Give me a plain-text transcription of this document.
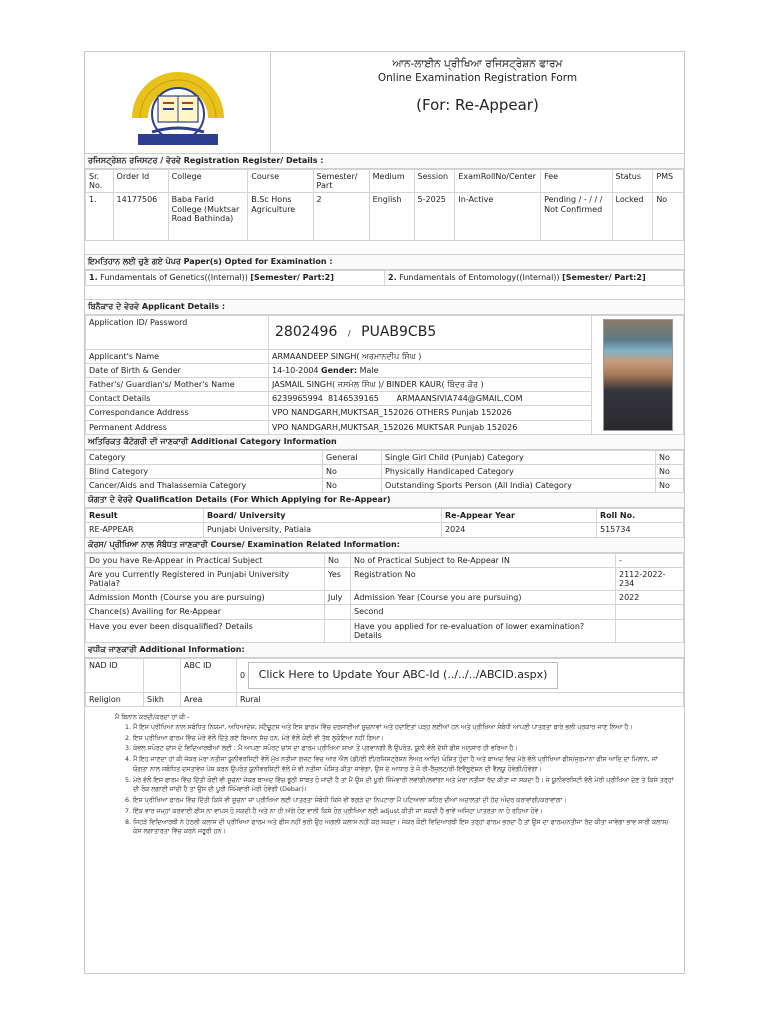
ਆਨ-ਲਾਈਨ ਪ੍ਰੀਖਿਆ ਰਜਿਸਟ੍ਰੇਸ਼ਨ ਫਾਰਮ
Online Examination Registration Form
(For: Re-Appear)
ਰਜਿਸਟ੍ਰੇਸ਼ਨ ਰਜਿਸਟਰ / ਵੇਰਵੇ Registration Register/ Details :
Sr. No.	Order Id	College	Course	Semester/ Part	Medium	Session	ExamRollNo/Center	Fee	Status	PMS
1.	14177506	Baba Farid College (Muktsar Road Bathinda)	B.Sc Hons Agriculture	2	English	5-2025	In-Active	Pending / - / / / Not Confirmed	Locked	No
ਇਮਤਿਹਾਨ ਲਈ ਚੁਣੇ ਗਏ ਪੇਪਰ Paper(s) Opted for Examination :
1. Fundamentals of Genetics((Internal)) [Semester/ Part:2]	2. Fundamentals of Entomology((Internal)) [Semester/ Part:2]
ਬਿਨੈਕਾਰ ਦੇ ਵੇਰਵੇ Applicant Details :
Application ID/ Password	2802496 / PUAB9CB5	

Applicant's Name	ARMAANDEEP SINGH( ਅਰਮਾਨਦੀਪ ਸਿੰਘ )	
Date of Birth & Gender	14-10-2004 Gender: Male	
Father's/ Guardian's/ Mother's Name	JASMAIL SINGH( ਜਸਮੇਲ ਸਿੰਘ )/ BINDER KAUR( ਬਿੰਦਰ ਕੌਰ )	
Contact Details	6239965994  8146539165       ARMAANSIVIA744@GMAIL.COM	
Correspondance Address	VPO NANDGARH,MUKTSAR_152026 OTHERS Punjab 152026	
Permanent Address	VPO NANDGARH,MUKTSAR_152026 MUKTSAR Punjab 152026	
ਅਤਿਰਿਕਤ ਕੈਟੇਗਰੀ ਦੀ ਜਾਣਕਾਰੀ Additional Category Information
Category	General	Single Girl Child (Punjab) Category	No
Blind Category	No	Physically Handicaped Category	No
Cancer/Aids and Thalassemia Category	No	Outstanding Sports Person (All India) Category	No
ਯੋਗਤਾ ਦੇ ਵੇਰਵੇ Qualification Details (For Which Applying for Re-Appear)
Result	Board/ University	Re-Appear Year	Roll No.
RE-APPEAR	Punjabi University, Patiala	2024	515734
ਕੋਰਸ/ ਪ੍ਰੀਖਿਆ ਨਾਲ ਸੰਬੰਧਤ ਜਾਣਕਾਰੀ Course/ Examination Related Information:
Do you have Re-Appear in Practical Subject	No	No of Practical Subject to Re-Appear IN	-
Are you Currently Registered in Punjabi University Patiala?	Yes	Registration No	2112-2022-234
Admission Month (Course you are pursuing)	July	Admission Year (Course you are pursuing)	2022
Chance(s) Availing for Re-Appear		Second	
Have you ever been disqualified? Details		Have you applied for re-evaluation of lower examination? Details	
ਵਧੀਕ ਜਾਣਕਾਰੀ Additional Information:
NAD ID		ABC ID	0 Click Here to Update Your ABC-Id (../../../ABCID.aspx)
Religion	Sikh	Area	Rural
ਮੈਂ ਬਿਨਾਨ ਕਰਦੀ/ਕਰਦਾ ਹਾਂ ਕੀ -
1. ਮੈਂ ਇਸ ਪ੍ਰੀਖਿਆ ਨਾਲ ਸਬੰਧਿਤ ਨਿਯਮਾਂ, ਅਧਿਆਦੇਸ਼, ਸਟੈਚੂਟਸ ਅਤੇ ਇਸ ਫਾਰਮ ਵਿੱਚ ਦਰਸਾਈਆਂ ਸੂਚਨਾਵਾਂ ਅਤੇ ਹਦਾਇਤਾਂ ਪੜ੍ਹ ਲਈਆਂ ਹਨ ਅਤੇ ਪ੍ਰੀਖਿਆ ਸੰਬੰਧੀ ਆਪਣੀ ਪਾਤਰਤਾ ਬਾਰੇ ਭਲੀ ਪ੍ਰਕਾਰ ਜਾਣ ਲਿਆ ਹੈ।
2. ਇਸ ਪ੍ਰੀਖਿਆ ਫਾਰਮ ਵਿੱਚ ਮੇਰੇ ਵੱਲੋਂ ਦਿੱਤੇ ਗਏ ਬਿਆਨ ਸੱਚ ਹਨ, ਮੇਰੇ ਵੱਲੋਂ ਕੋਈ ਵੀ ਤੱਥ ਲੁਕੋਇਆ ਨਹੀਂ ਗਿਆ।
3. ਕੇਵਲ ਸਪੋਰਟ ਚਾਂਸ ਦੇ ਵਿਦਿਆਰਥੀਆਂ ਲਈ : ਮੈਂ ਆਪਣਾ ਸਪੋਰਟ ਚਾਂਸ ਦਾ ਫਾਰਮ ਪ੍ਰੀਖਿਆ ਸ਼ਾਖਾ ਤੋਂ ਪ੍ਰਵਾਨਗੀ ਲੈ ਉਪਰੰਤ, ਯੂਨੀ ਵੱਲੋਂ ਦੱਸੀ ਫੀਸ ਅਨੁਸਾਰ ਹੀ ਭਰਿਆ ਹੈ।
4. ਮੈਂ ਇਹ ਜਾਣਦਾ ਹਾਂ ਕੀ ਜੇਕਰ ਮੇਰਾ ਨਤੀਜਾ ਯੂਨੀਵਰਸਿਟੀ ਵੱਲੋਂ ਮੁੱਖ ਨਤੀਜਾ ਗਜ਼ਟ ਵਿਚ ਆਰ ਐਲ (ਡੀ/ਈ ਈ/ਰਜਿਸਟ੍ਰੇਸ਼ਨ ਲੋਅਰ ਆਦਿ) ਘੋਸ਼ਿਤ ਹੁੰਦਾ ਹੈ ਅਤੇ ਬਾਅਦ ਵਿਚ ਮੇਰੇ ਵੱਲੋਂ ਪ੍ਰੀਖਿਆ ਫੀਸ/ਜੁਰਮਾਨਾ ਫੀਸ ਆਦਿ ਦਾ ਮਿਲਾਨ, ਜਾਂ ਯੋਗਤਾ ਨਾਲ ਸਬੰਧਿਤ ਦਸਤਾਵੇਜ਼ ਪੇਸ਼ ਕਰਨ ਉਪਰੰਤ ਯੂਨੀਵਰਸਿਟੀ ਵੱਲੋਂ ਜੋ ਵੀ ਨਤੀਜਾ ਘੋਸ਼ਿਤ ਕੀਤਾ ਜਾਵੇਗਾ, ਉਸ ਦੇ ਆਧਾਰ ਤੇ ਜੋ ਰੀ-ਰੈਜ਼ੁਲਟ/ਰੀ-ਇਵੈਲੂਏਸ਼ਨ ਦੀ ਵੈਲਯੂ ਹੋਵੇਗੀ/ਹੋਵੇਗਾ।
5. ਮੇਰੇ ਵੱਲੋਂ ਇਸ ਫਾਰਮ ਵਿੱਚ ਦਿੱਤੀ ਕੋਈ ਵੀ ਸੂਚਨਾ ਜੇਕਰ ਬਾਅਦ ਵਿੱਚ ਝੂਠੀ ਸਾਬਤ ਹੋ ਜਾਂਦੀ ਹੈ ਤਾਂ ਮੈਂ ਉਸ ਦੀ ਪੂਰੀ ਜਿੰਮੇਵਾਰੀ ਲਵਾਂਗੀ/ਲਵਾਂਗਾ ਅਤੇ ਮੇਰਾ ਨਤੀਜਾ ਰੱਦ ਕੀਤਾ ਜਾ ਸਕਦਾ ਹੈ। ਜੇ ਯੂਨੀਵਰਸਿਟੀ ਵੱਲੋਂ ਮੇਰੀ ਪ੍ਰੀਖਿਆ ਦੇਣ ਤੇ ਕਿਸੇ ਤਰ੍ਹਾਂ ਦੀ ਰੋਕ ਲਗਾਈ ਜਾਂਦੀ ਹੈ ਤਾਂ ਉਸ ਦੀ ਪੂਰੀ ਜਿੰਮੇਵਾਰੀ ਮੇਰੀ ਹੋਵੇਗੀ (Debar)।
6. ਇਸ ਪ੍ਰੀਖਿਆ ਫਾਰਮ ਵਿੱਚ ਦਿੱਤੀ ਕਿਸੇ ਵੀ ਸੂਚਨਾ ਜਾਂ ਪ੍ਰੀਖਿਆ ਲਈ ਪਾਤਰਤਾ ਸੰਬੰਧੀ ਕਿਸੇ ਵੀ ਝਗੜੇ ਦਾ ਨਿਪਟਾਰਾ ਮੈਂ ਪਟਿਆਲਾ ਸ਼ਹਿਰ ਦੀਆਂ ਅਦਾਲਤਾਂ ਦੀ ਹੱਦ ਅੰਦਰ ਕਰਾਵਾਂਗੀ/ਕਰਾਵਾਂਗਾ।
7. ਇੱਕ ਵਾਰ ਜਮ੍ਹਾਂ ਕਰਵਾਈ ਫੀਸ ਨਾ ਵਾਪਸ ਹੋ ਸਕਦੀ ਹੈ ਅਤੇ ਨਾ ਹੀ ਅੱਗੇ ਹੋਣ ਵਾਲੀ ਕਿਸੇ ਹੋਰ ਪ੍ਰੀਖਿਆ ਲਈ adjust ਕੀਤੀ ਜਾ ਸਕਦੀ ਹੈ ਭਾਵੇਂ ਅਜਿਹਾ ਪਾਤਰਤਾ ਨਾ ਹੋ ਰਹਿਆ ਹੋਵੇ।
8. ਜਿਹੜੇ ਵਿਦਿਆਰਥੀ ਨੇ ਹੇਠਲੀ ਕਲਾਸ ਦੀ ਪ੍ਰੀਖਿਆ ਫਾਰਮ ਅਤੇ ਫੀਸ ਨਹੀਂ ਭਰੀ ਉਹ ਅਗਲੀ ਕਲਾਸ ਨਹੀਂ ਕਰ ਸਕਦਾ। ਜੇਕਰ ਕੋਈ ਵਿਦਿਆਰਥੀ ਇਸ ਤਰ੍ਹਾਂ ਫਾਰਮ ਭਰਦਾ ਹੈ ਤਾਂ ਉਸ ਦਾ ਫਾਰਮ/ਨਤੀਜਾ ਰੱਦ ਕੀਤਾ ਜਾਵੇਗਾ ਭਾਵ ਸਾਰੀ ਕਲਾਸ/ਕੇਸ ਲਗਾਤਾਰਤਾ ਵਿੱਚ ਕਰਨੇ ਜਰੂਰੀ ਹਨ।
